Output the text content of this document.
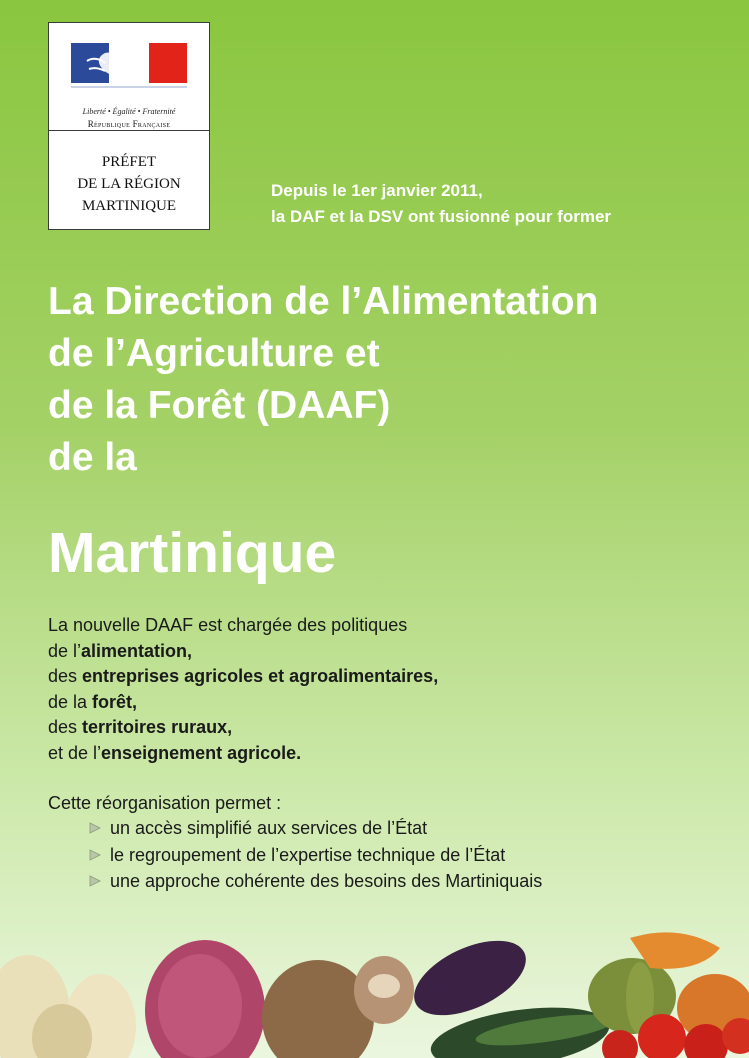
Liberté • Égalité • Fraternité
République Française
PRÉFET
DE LA RÉGION
MARTINIQUE
Depuis le 1er janvier 2011,
la DAF et la DSV ont fusionné pour former
La Direction de l’Alimentation
de l’Agriculture et
de la Forêt (DAAF)
de la
Martinique
La nouvelle DAAF est chargée des politiques
de l’alimentation,
des entreprises agricoles et agroalimentaires,
de la forêt,
des territoires ruraux,
et de l’enseignement agricole.
Cette réorganisation permet :
un accès simplifié aux services de l’État
le regroupement de l’expertise technique de l’État
une approche cohérente des besoins des Martiniquais
